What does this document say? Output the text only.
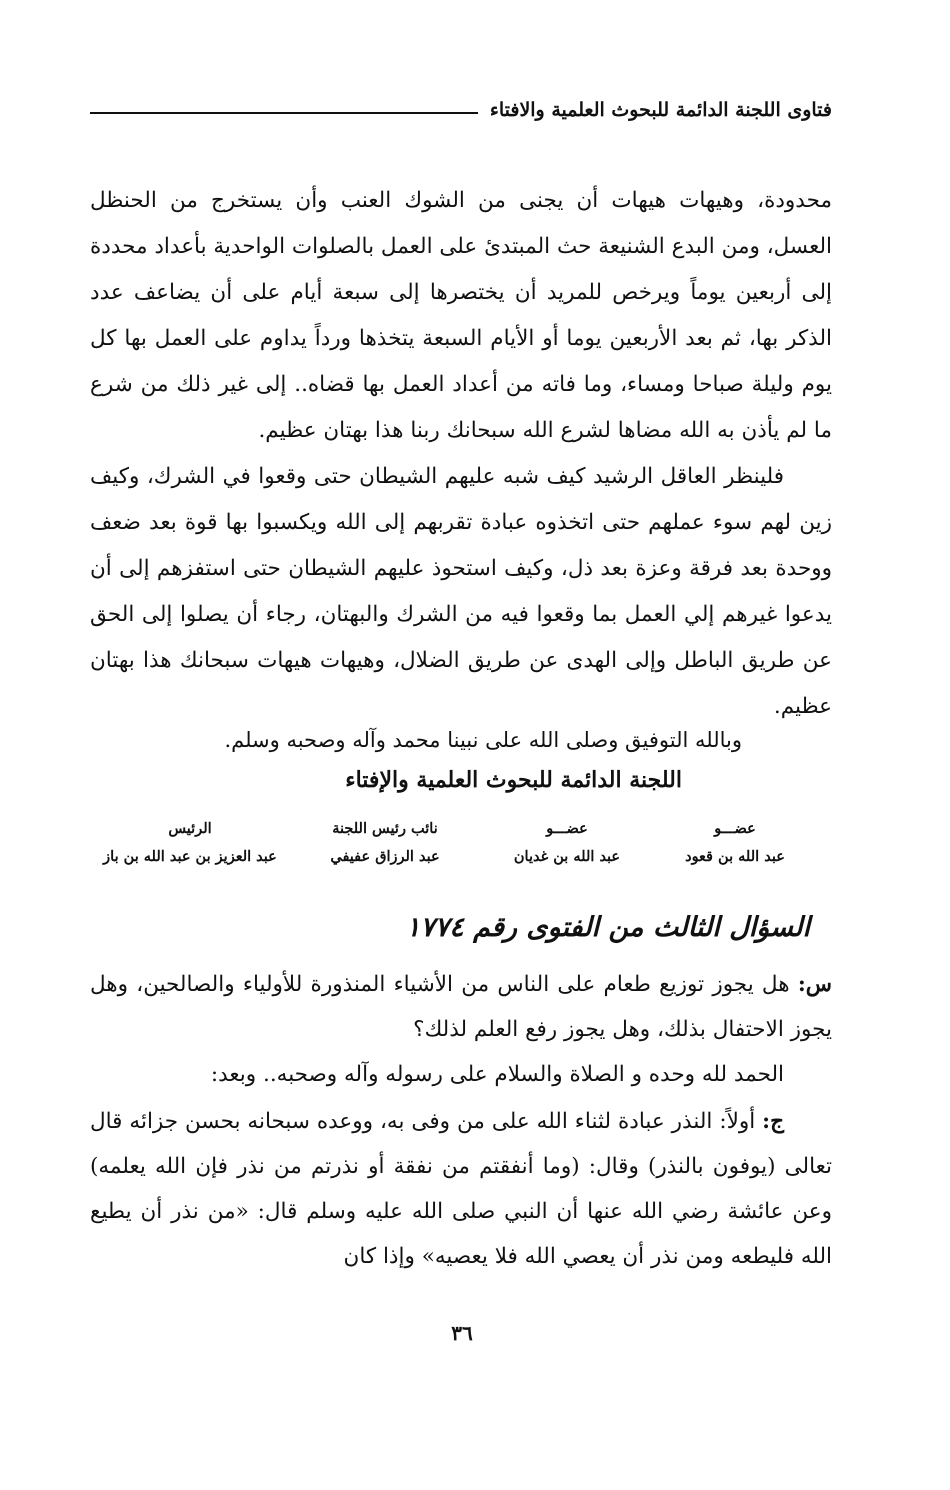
فتاوى اللجنة الدائمة للبحوث العلمية والافتاء

محدودة، وهيهات هيهات أن يجنى من الشوك العنب وأن يستخرج من الحنظل العسل، ومن البدع الشنيعة حث المبتدئ على العمل بالصلوات الواحدية بأعداد محددة إلى أربعين يوماً ويرخص للمريد أن يختصرها إلى سبعة أيام على أن يضاعف عدد الذكر بها، ثم بعد الأربعين يوما أو الأيام السبعة يتخذها ورداً يداوم على العمل بها كل يوم وليلة صباحا ومساء، وما فاته من أعداد العمل بها قضاه.. إلى غير ذلك من شرع ما لم يأذن به الله مضاها لشرع الله سبحانك ربنا هذا بهتان عظيم.

فلينظر العاقل الرشيد كيف شبه عليهم الشيطان حتى وقعوا في الشرك، وكيف زين لهم سوء عملهم حتى اتخذوه عبادة تقربهم إلى الله ويكسبوا بها قوة بعد ضعف ووحدة بعد فرقة وعزة بعد ذل، وكيف استحوذ عليهم الشيطان حتى استفزهم إلى أن يدعوا غيرهم إلي العمل بما وقعوا فيه من الشرك والبهتان، رجاء أن يصلوا إلى الحق عن طريق الباطل وإلى الهدى عن طريق الضلال، وهيهات هيهات سبحانك هذا بهتان عظيم.

وبالله التوفيق وصلى الله على نبينا محمد وآله وصحبه وسلم.
اللجنة الدائمة للبحوث العلمية والإفتاء
عضـــو
عبد الله بن قعود
عضـــو
عبد الله بن غديان
نائب رئيس اللجنة
عبد الرزاق عفيفي
الرئيس
عبد العزيز بن عبد الله بن باز
السؤال الثالث من الفتوى رقم ١٧٧٤

س: هل يجوز توزيع طعام على الناس من الأشياء المنذورة للأولياء والصالحين، وهل يجوز الاحتفال بذلك، وهل يجوز رفع العلم لذلك؟

الحمد لله وحده و الصلاة والسلام على رسوله وآله وصحبه.. وبعد:

ج: أولاً: النذر عبادة لثناء الله على من وفى به، ووعده سبحانه بحسن جزائه قال تعالى (يوفون بالنذر) وقال: (وما أنفقتم من نفقة أو نذرتم من نذر فإن الله يعلمه) وعن عائشة رضي الله عنها أن النبي صلى الله عليه وسلم قال: «من نذر أن يطيع الله فليطعه ومن نذر أن يعصي الله فلا يعصيه» وإذا كان

٣٦
